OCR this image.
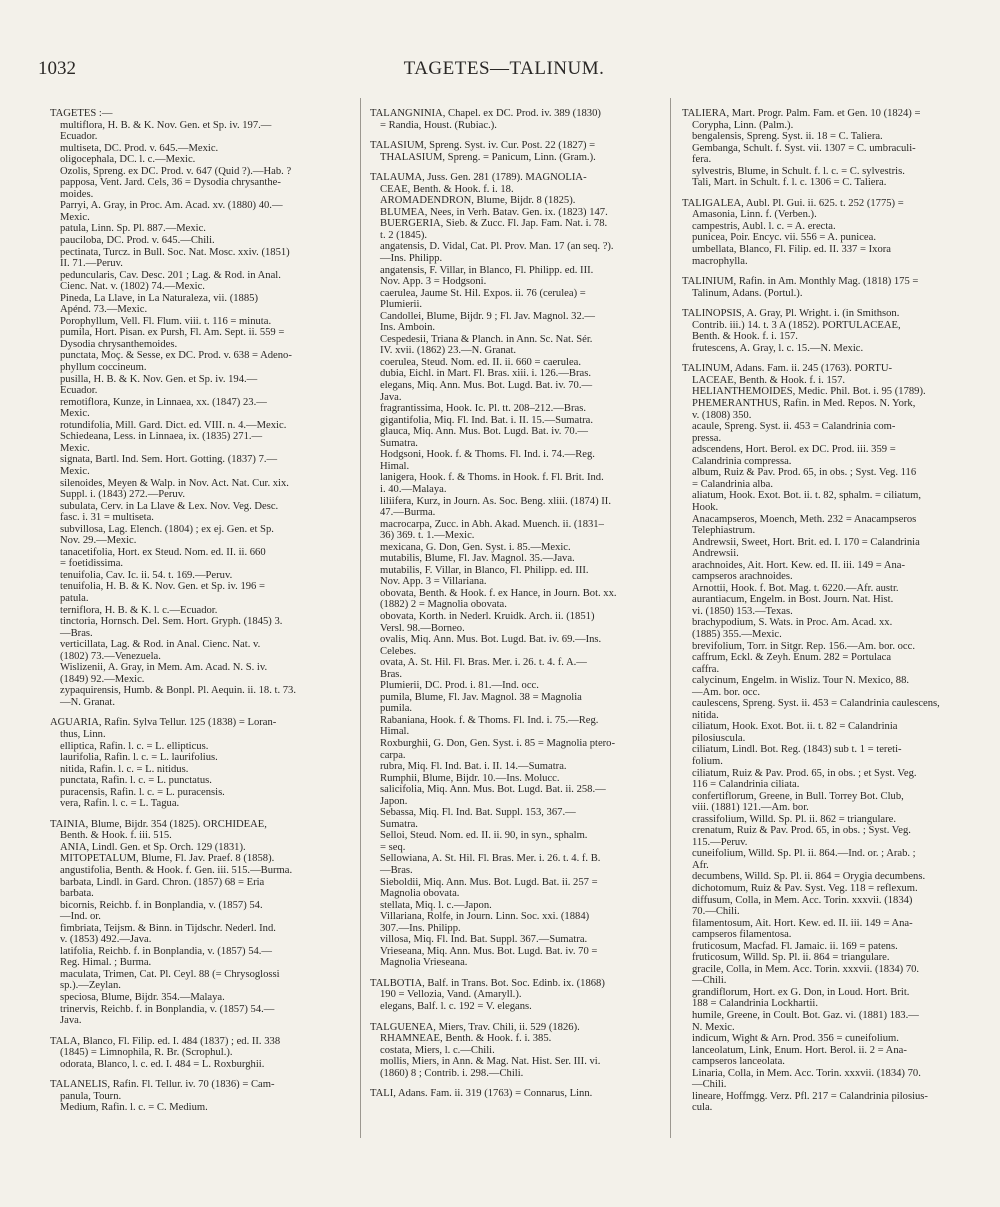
1032	TAGETES—TALINUM.
TAGETES :—
multiflora, H. B. & K. Nov. Gen. et Sp. iv. 197.—
Ecuador.
multiseta, DC. Prod. v. 645.—Mexic.
oligocephala, DC. l. c.—Mexic.
Ozolis, Spreng. ex DC. Prod. v. 647 (Quid ?).—Hab. ?
papposa, Vent. Jard. Cels, 36 = Dysodia chrysanthe-
moides.
Parryi, A. Gray, in Proc. Am. Acad. xv. (1880) 40.—
Mexic.
patula, Linn. Sp. Pl. 887.—Mexic.
pauciloba, DC. Prod. v. 645.—Chili.
pectinata, Turcz. in Bull. Soc. Nat. Mosc. xxiv. (1851)
II. 71.—Peruv.
peduncularis, Cav. Desc. 201 ; Lag. & Rod. in Anal.
Cienc. Nat. v. (1802) 74.—Mexic.
Pineda, La Llave, in La Naturaleza, vii. (1885)
Apénd. 73.—Mexic.
Porophyllum, Vell. Fl. Flum. viii. t. 116 = minuta.
pumila, Hort. Pisan. ex Pursh, Fl. Am. Sept. ii. 559 =
Dysodia chrysanthemoides.
punctata, Moç. & Sesse, ex DC. Prod. v. 638 = Adeno-
phyllum coccineum.
pusilla, H. B. & K. Nov. Gen. et Sp. iv. 194.—
Ecuador.
remotiflora, Kunze, in Linnaea, xx. (1847) 23.—
Mexic.
rotundifolia, Mill. Gard. Dict. ed. VIII. n. 4.—Mexic.
Schiedeana, Less. in Linnaea, ix. (1835) 271.—
Mexic.
signata, Bartl. Ind. Sem. Hort. Gotting. (1837) 7.—
Mexic.
silenoides, Meyen & Walp. in Nov. Act. Nat. Cur. xix.
Suppl. i. (1843) 272.—Peruv.
subulata, Cerv. in La Llave & Lex. Nov. Veg. Desc.
fasc. i. 31 = multiseta.
subvillosa, Lag. Elench. (1804) ; ex ej. Gen. et Sp.
Nov. 29.—Mexic.
tanacetifolia, Hort. ex Steud. Nom. ed. II. ii. 660
= foetidissima.
tenuifolia, Cav. Ic. ii. 54. t. 169.—Peruv.
tenuifolia, H. B. & K. Nov. Gen. et Sp. iv. 196 =
patula.
terniflora, H. B. & K. l. c.—Ecuador.
tinctoria, Hornsch. Del. Sem. Hort. Gryph. (1845) 3.
—Bras.
verticillata, Lag. & Rod. in Anal. Cienc. Nat. v.
(1802) 73.—Venezuela.
Wislizenii, A. Gray, in Mem. Am. Acad. N. S. iv.
(1849) 92.—Mexic.
zypaquirensis, Humb. & Bonpl. Pl. Aequin. ii. 18. t. 73.
—N. Granat.
AGUARIA, Rafin. Sylva Tellur. 125 (1838) = Loran-
thus, Linn.
elliptica, Rafin. l. c. = L. ellipticus.
laurifolia, Rafin. l. c. = L. laurifolius.
nitida, Rafin. l. c. = L. nitidus.
punctata, Rafin. l. c. = L. punctatus.
puracensis, Rafin. l. c. = L. puracensis.
vera, Rafin. l. c. = L. Tagua.
TAINIA, Blume, Bijdr. 354 (1825). ORCHIDEAE,
Benth. & Hook. f. iii. 515.
ANIA, Lindl. Gen. et Sp. Orch. 129 (1831).
MITOPETALUM, Blume, Fl. Jav. Praef. 8 (1858).
angustifolia, Benth. & Hook. f. Gen. iii. 515.—Burma.
barbata, Lindl. in Gard. Chron. (1857) 68 = Eria
barbata.
bicornis, Reichb. f. in Bonplandia, v. (1857) 54.
—Ind. or.
fimbriata, Teijsm. & Binn. in Tijdschr. Nederl. Ind.
v. (1853) 492.—Java.
latifolia, Reichb. f. in Bonplandia, v. (1857) 54.—
Reg. Himal. ; Burma.
maculata, Trimen, Cat. Pl. Ceyl. 88 (= Chrysoglossi
sp.).—Zeylan.
speciosa, Blume, Bijdr. 354.—Malaya.
trinervis, Reichb. f. in Bonplandia, v. (1857) 54.—
Java.
TALA, Blanco, Fl. Filip. ed. I. 484 (1837) ; ed. II. 338
(1845) = Limnophila, R. Br. (Scrophul.).
odorata, Blanco, l. c. ed. I. 484 = L. Roxburghii.
TALANELIS, Rafin. Fl. Tellur. iv. 70 (1836) = Cam-
panula, Tourn.
Medium, Rafin. l. c. = C. Medium.
TALANGNINIA, Chapel. ex DC. Prod. iv. 389 (1830)
= Randia, Houst. (Rubiac.).
TALASIUM, Spreng. Syst. iv. Cur. Post. 22 (1827) =
THALASIUM, Spreng. = Panicum, Linn. (Gram.).
TALAUMA, Juss. Gen. 281 (1789). MAGNOLIA-
CEAE, Benth. & Hook. f. i. 18.
AROMADENDRON, Blume, Bijdr. 8 (1825).
BLUMEA, Nees, in Verh. Batav. Gen. ix. (1823) 147.
BUERGERIA, Sieb. & Zucc. Fl. Jap. Fam. Nat. i. 78.
t. 2 (1845).
angatensis, D. Vidal, Cat. Pl. Prov. Man. 17 (an seq. ?).
—Ins. Philipp.
angatensis, F. Villar, in Blanco, Fl. Philipp. ed. III.
Nov. App. 3 = Hodgsoni.
caerulea, Jaume St. Hil. Expos. ii. 76 (cerulea) =
Plumierii.
Candollei, Blume, Bijdr. 9 ; Fl. Jav. Magnol. 32.—
Ins. Amboin.
Cespedesii, Triana & Planch. in Ann. Sc. Nat. Sér.
IV. xvii. (1862) 23.—N. Granat.
coerulea, Steud. Nom. ed. II. ii. 660 = caerulea.
dubia, Eichl. in Mart. Fl. Bras. xiii. i. 126.—Bras.
elegans, Miq. Ann. Mus. Bot. Lugd. Bat. iv. 70.—
Java.
fragrantissima, Hook. Ic. Pl. tt. 208–212.—Bras.
gigantifolia, Miq. Fl. Ind. Bat. i. II. 15.—Sumatra.
glauca, Miq. Ann. Mus. Bot. Lugd. Bat. iv. 70.—
Sumatra.
Hodgsoni, Hook. f. & Thoms. Fl. Ind. i. 74.—Reg.
Himal.
lanigera, Hook. f. & Thoms. in Hook. f. Fl. Brit. Ind.
i. 40.—Malaya.
liliifera, Kurz, in Journ. As. Soc. Beng. xliii. (1874) II.
47.—Burma.
macrocarpa, Zucc. in Abh. Akad. Muench. ii. (1831–
36) 369. t. 1.—Mexic.
mexicana, G. Don, Gen. Syst. i. 85.—Mexic.
mutabilis, Blume, Fl. Jav. Magnol. 35.—Java.
mutabilis, F. Villar, in Blanco, Fl. Philipp. ed. III.
Nov. App. 3 = Villariana.
obovata, Benth. & Hook. f. ex Hance, in Journ. Bot. xx.
(1882) 2 = Magnolia obovata.
obovata, Korth. in Nederl. Kruidk. Arch. ii. (1851)
Versl. 98.—Borneo.
ovalis, Miq. Ann. Mus. Bot. Lugd. Bat. iv. 69.—Ins.
Celebes.
ovata, A. St. Hil. Fl. Bras. Mer. i. 26. t. 4. f. A.—
Bras.
Plumierii, DC. Prod. i. 81.—Ind. occ.
pumila, Blume, Fl. Jav. Magnol. 38 = Magnolia
pumila.
Rabaniana, Hook. f. & Thoms. Fl. Ind. i. 75.—Reg.
Himal.
Roxburghii, G. Don, Gen. Syst. i. 85 = Magnolia ptero-
carpa.
rubra, Miq. Fl. Ind. Bat. i. II. 14.—Sumatra.
Rumphii, Blume, Bijdr. 10.—Ins. Molucc.
salicifolia, Miq. Ann. Mus. Bot. Lugd. Bat. ii. 258.—
Japon.
Sebassa, Miq. Fl. Ind. Bat. Suppl. 153, 367.—
Sumatra.
Selloi, Steud. Nom. ed. II. ii. 90, in syn., sphalm.
= seq.
Sellowiana, A. St. Hil. Fl. Bras. Mer. i. 26. t. 4. f. B.
—Bras.
Sieboldii, Miq. Ann. Mus. Bot. Lugd. Bat. ii. 257 =
Magnolia obovata.
stellata, Miq. l. c.—Japon.
Villariana, Rolfe, in Journ. Linn. Soc. xxi. (1884)
307.—Ins. Philipp.
villosa, Miq. Fl. Ind. Bat. Suppl. 367.—Sumatra.
Vrieseana, Miq. Ann. Mus. Bot. Lugd. Bat. iv. 70 =
Magnolia Vrieseana.
TALBOTIA, Balf. in Trans. Bot. Soc. Edinb. ix. (1868)
190 = Vellozia, Vand. (Amaryll.).
elegans, Balf. l. c. 192 = V. elegans.
TALGUENEA, Miers, Trav. Chili, ii. 529 (1826).
RHAMNEAE, Benth. & Hook. f. i. 385.
costata, Miers, l. c.—Chili.
mollis, Miers, in Ann. & Mag. Nat. Hist. Ser. III. vi.
(1860) 8 ; Contrib. i. 298.—Chili.
TALI, Adans. Fam. ii. 319 (1763) = Connarus, Linn.
TALIERA, Mart. Progr. Palm. Fam. et Gen. 10 (1824) =
Corypha, Linn. (Palm.).
bengalensis, Spreng. Syst. ii. 18 = C. Taliera.
Gembanga, Schult. f. Syst. vii. 1307 = C. umbraculi-
fera.
sylvestris, Blume, in Schult. f. l. c. = C. sylvestris.
Tali, Mart. in Schult. f. l. c. 1306 = C. Taliera.
TALIGALEA, Aubl. Pl. Gui. ii. 625. t. 252 (1775) =
Amasonia, Linn. f. (Verben.).
campestris, Aubl. l. c. = A. erecta.
punicea, Poir. Encyc. vii. 556 = A. punicea.
umbellata, Blanco, Fl. Filip. ed. II. 337 = Ixora
macrophylla.
TALINIUM, Rafin. in Am. Monthly Mag. (1818) 175 =
Talinum, Adans. (Portul.).
TALINOPSIS, A. Gray, Pl. Wright. i. (in Smithson.
Contrib. iii.) 14. t. 3 A (1852). PORTULACEAE,
Benth. & Hook. f. i. 157.
frutescens, A. Gray, l. c. 15.—N. Mexic.
TALINUM, Adans. Fam. ii. 245 (1763). PORTU-
LACEAE, Benth. & Hook. f. i. 157.
HELIANTHEMOIDES, Medic. Phil. Bot. i. 95 (1789).
PHEMERANTHUS, Rafin. in Med. Repos. N. York,
v. (1808) 350.
acaule, Spreng. Syst. ii. 453 = Calandrinia com-
pressa.
adscendens, Hort. Berol. ex DC. Prod. iii. 359 =
Calandrinia compressa.
album, Ruiz & Pav. Prod. 65, in obs. ; Syst. Veg. 116
= Calandrinia alba.
aliatum, Hook. Exot. Bot. ii. t. 82, sphalm. = ciliatum,
Hook.
Anacampseros, Moench, Meth. 232 = Anacampseros
Telephiastrum.
Andrewsii, Sweet, Hort. Brit. ed. I. 170 = Calandrinia
Andrewsii.
arachnoides, Ait. Hort. Kew. ed. II. iii. 149 = Ana-
campseros arachnoides.
Arnottii, Hook. f. Bot. Mag. t. 6220.—Afr. austr.
aurantiacum, Engelm. in Bost. Journ. Nat. Hist.
vi. (1850) 153.—Texas.
brachypodium, S. Wats. in Proc. Am. Acad. xx.
(1885) 355.—Mexic.
brevifolium, Torr. in Sitgr. Rep. 156.—Am. bor. occ.
caffrum, Eckl. & Zeyh. Enum. 282 = Portulaca
caffra.
calycinum, Engelm. in Wisliz. Tour N. Mexico, 88.
—Am. bor. occ.
caulescens, Spreng. Syst. ii. 453 = Calandrinia caulescens,
nitida.
ciliatum, Hook. Exot. Bot. ii. t. 82 = Calandrinia
pilosiuscula.
ciliatum, Lindl. Bot. Reg. (1843) sub t. 1 = tereti-
folium.
ciliatum, Ruiz & Pav. Prod. 65, in obs. ; et Syst. Veg.
116 = Calandrinia ciliata.
confertiflorum, Greene, in Bull. Torrey Bot. Club,
viii. (1881) 121.—Am. bor.
crassifolium, Willd. Sp. Pl. ii. 862 = triangulare.
crenatum, Ruiz & Pav. Prod. 65, in obs. ; Syst. Veg.
115.—Peruv.
cuneifolium, Willd. Sp. Pl. ii. 864.—Ind. or. ; Arab. ;
Afr.
decumbens, Willd. Sp. Pl. ii. 864 = Orygia decumbens.
dichotomum, Ruiz & Pav. Syst. Veg. 118 = reflexum.
diffusum, Colla, in Mem. Acc. Torin. xxxvii. (1834)
70.—Chili.
filamentosum, Ait. Hort. Kew. ed. II. iii. 149 = Ana-
campseros filamentosa.
fruticosum, Macfad. Fl. Jamaic. ii. 169 = patens.
fruticosum, Willd. Sp. Pl. ii. 864 = triangulare.
gracile, Colla, in Mem. Acc. Torin. xxxvii. (1834) 70.
—Chili.
grandiflorum, Hort. ex G. Don, in Loud. Hort. Brit.
188 = Calandrinia Lockhartii.
humile, Greene, in Coult. Bot. Gaz. vi. (1881) 183.—
N. Mexic.
indicum, Wight & Arn. Prod. 356 = cuneifolium.
lanceolatum, Link, Enum. Hort. Berol. ii. 2 = Ana-
campseros lanceolata.
Linaria, Colla, in Mem. Acc. Torin. xxxvii. (1834) 70.
—Chili.
lineare, Hoffmgg. Verz. Pfl. 217 = Calandrinia pilosius-
cula.
